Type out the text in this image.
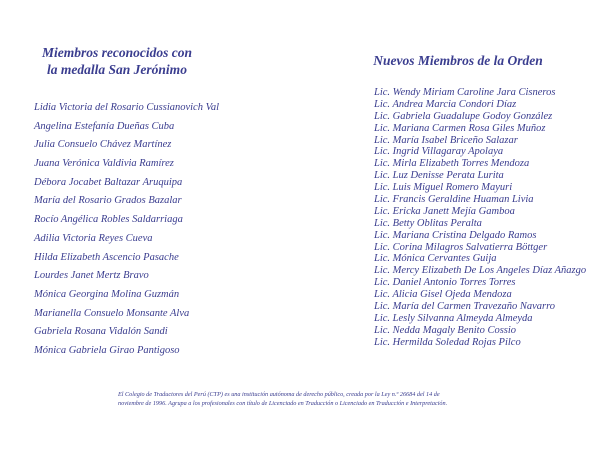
Miembros reconocidos con
la medalla San Jerónimo
Lidia Victoria del Rosario Cussianovich Val
Angelina Estefanía Dueñas Cuba
Julia Consuelo Chávez Martínez
Juana Verónica Valdivia Ramírez
Débora Jocabet Baltazar Aruquipa
María del Rosario Grados Bazalar
Rocío Angélica Robles Saldarriaga
Adilia Victoria Reyes Cueva
Hilda Elizabeth Ascencio Pasache
Lourdes Janet Mertz Bravo
Mónica Georgina Molina Guzmán
Marianella Consuelo Monsante Alva
Gabriela Rosana Vidalón Sandi
Mónica Gabriela Girao Pantigoso
Nuevos Miembros de la Orden
Lic. Wendy Miriam Caroline Jara Cisneros
Lic. Andrea Marcia Condori Díaz
Lic. Gabriela Guadalupe Godoy González
Lic. Mariana Carmen Rosa Giles Muñoz
Lic. María Isabel Briceño Salazar
Lic. Ingrid Villagaray Apolaya
Lic. Mirla Elizabeth Torres Mendoza
Lic. Luz Denisse Perata Lurita
Lic. Luis Miguel Romero Mayuri
Lic. Francis Geraldine Huaman Livia
Lic. Ericka Janett Mejía Gamboa
Lic. Betty Oblitas Peralta
Lic. Mariana Cristina Delgado Ramos
Lic. Corina Milagros Salvatierra Böttger
Lic. Mónica Cervantes Guija
Lic. Mercy Elizabeth De Los Angeles Díaz Añazgo
Lic. Daniel Antonio Torres Torres
Lic. Alicia Gisel Ojeda Mendoza
Lic. María del Carmen Travezaño Navarro
Lic. Lesly Silvanna Almeyda Almeyda
Lic. Nedda Magaly Benito Cossio
Lic. Hermilda Soledad Rojas Pilco
El Colegio de Traductores del Perú (CTP) es una institución autónoma de derecho público, creada por la Ley n.º 26684 del 14 de
noviembre de 1996. Agrupa a los profesionales con título de Licenciado en Traducción o Licenciado en Traducción e Interpretación.
